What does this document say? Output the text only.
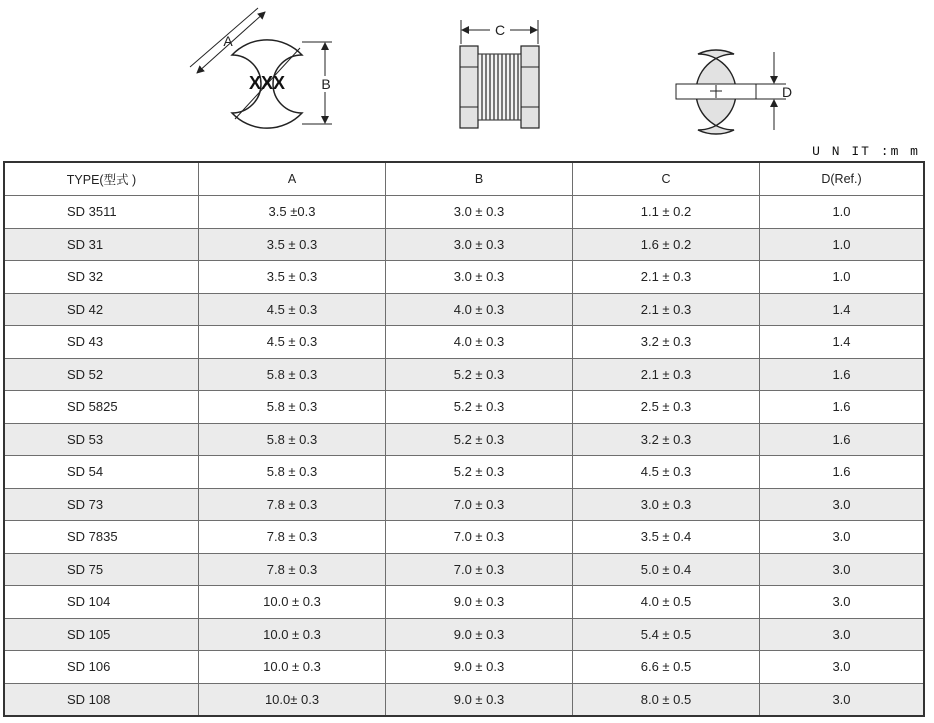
A
XXX	B
C
D
U N IT :m m
TYPE(型式 )	A	B	C	D(Ref.)
SD 3511	3.5 ±0.3	3.0 ± 0.3	1.1 ± 0.2	1.0
SD 31	3.5 ± 0.3	3.0 ± 0.3	1.6 ± 0.2	1.0
SD 32	3.5 ± 0.3	3.0 ± 0.3	2.1 ± 0.3	1.0
SD 42	4.5 ± 0.3	4.0 ± 0.3	2.1 ± 0.3	1.4
SD 43	4.5 ± 0.3	4.0 ± 0.3	3.2 ± 0.3	1.4
SD 52	5.8 ± 0.3	5.2 ± 0.3	2.1 ± 0.3	1.6
SD 5825	5.8 ± 0.3	5.2 ± 0.3	2.5 ± 0.3	1.6
SD 53	5.8 ± 0.3	5.2 ± 0.3	3.2 ± 0.3	1.6
SD 54	5.8 ± 0.3	5.2 ± 0.3	4.5 ± 0.3	1.6
SD 73	7.8 ± 0.3	7.0 ± 0.3	3.0 ± 0.3	3.0
SD 7835	7.8 ± 0.3	7.0 ± 0.3	3.5 ± 0.4	3.0
SD 75	7.8 ± 0.3	7.0 ± 0.3	5.0 ± 0.4	3.0
SD 104	10.0 ± 0.3	9.0 ± 0.3	4.0 ± 0.5	3.0
SD 105	10.0 ± 0.3	9.0 ± 0.3	5.4 ± 0.5	3.0
SD 106	10.0 ± 0.3	9.0 ± 0.3	6.6 ± 0.5	3.0
SD 108	10.0± 0.3	9.0 ± 0.3	8.0 ± 0.5	3.0
